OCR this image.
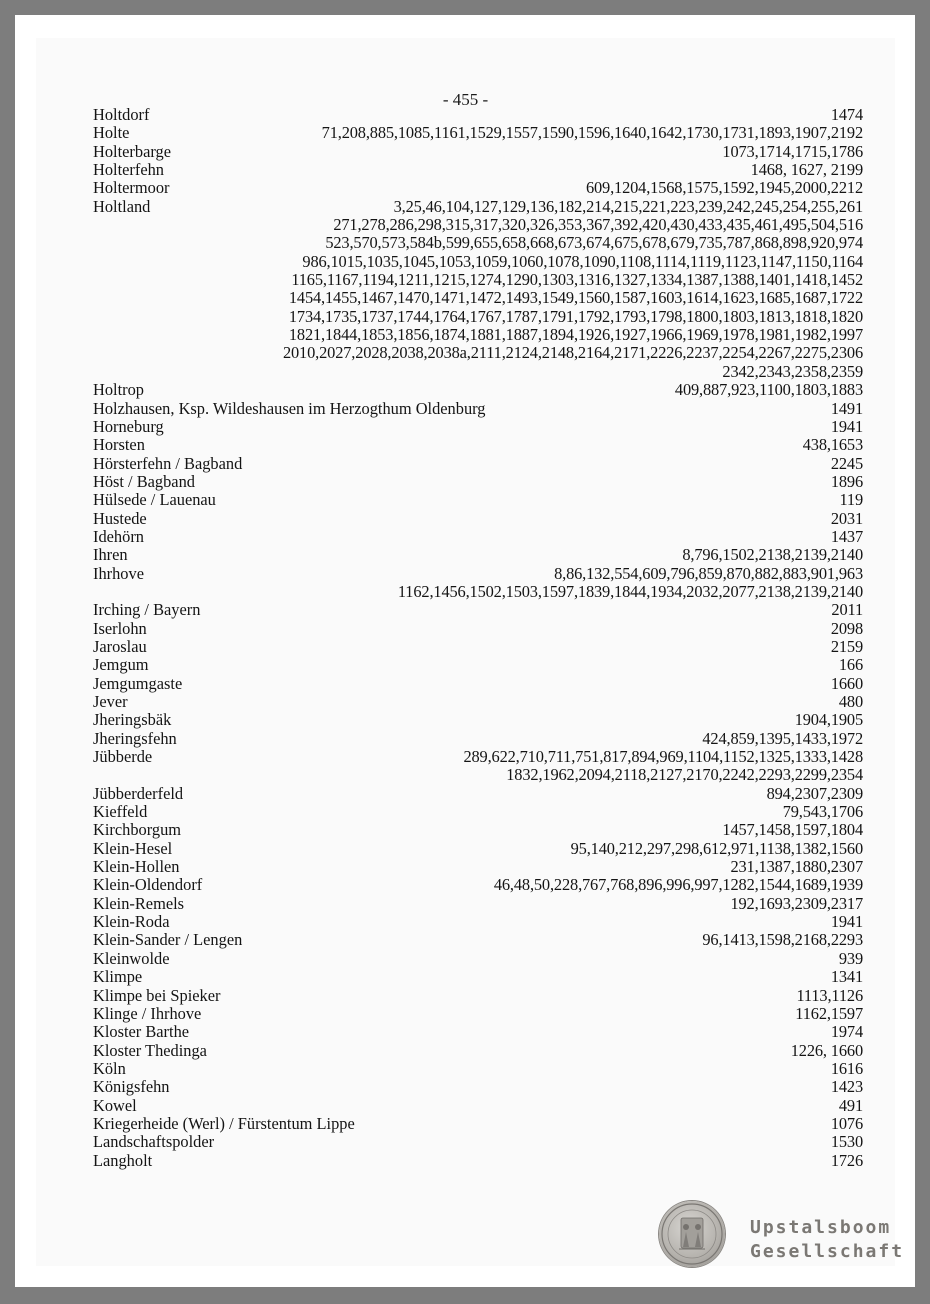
- 455 -
Holtdorf	1474
Holte	71,208,885,1085,1161,1529,1557,1590,1596,1640,1642,1730,1731,1893,1907,2192
Holterbarge	1073,1714,1715,1786
Holterfehn	1468, 1627, 2199
Holtermoor	609,1204,1568,1575,1592,1945,2000,2212
Holtland	3,25,46,104,127,129,136,182,214,215,221,223,239,242,245,254,255,261
271,278,286,298,315,317,320,326,353,367,392,420,430,433,435,461,495,504,516
523,570,573,584b,599,655,658,668,673,674,675,678,679,735,787,868,898,920,974
986,1015,1035,1045,1053,1059,1060,1078,1090,1108,1114,1119,1123,1147,1150,1164
1165,1167,1194,1211,1215,1274,1290,1303,1316,1327,1334,1387,1388,1401,1418,1452
1454,1455,1467,1470,1471,1472,1493,1549,1560,1587,1603,1614,1623,1685,1687,1722
1734,1735,1737,1744,1764,1767,1787,1791,1792,1793,1798,1800,1803,1813,1818,1820
1821,1844,1853,1856,1874,1881,1887,1894,1926,1927,1966,1969,1978,1981,1982,1997
2010,2027,2028,2038,2038a,2111,2124,2148,2164,2171,2226,2237,2254,2267,2275,2306
2342,2343,2358,2359
Holtrop	409,887,923,1100,1803,1883
Holzhausen, Ksp. Wildeshausen im Herzogthum Oldenburg	1491
Horneburg	1941
Horsten	438,1653
Hörsterfehn / Bagband	2245
Höst / Bagband	1896
Hülsede / Lauenau	119
Hustede	2031
Idehörn	1437
Ihren	8,796,1502,2138,2139,2140
Ihrhove	8,86,132,554,609,796,859,870,882,883,901,963
1162,1456,1502,1503,1597,1839,1844,1934,2032,2077,2138,2139,2140
Irching / Bayern	2011
Iserlohn	2098
Jaroslau	2159
Jemgum	166
Jemgumgaste	1660
Jever	480
Jheringsbäk	1904,1905
Jheringsfehn	424,859,1395,1433,1972
Jübberde	289,622,710,711,751,817,894,969,1104,1152,1325,1333,1428
1832,1962,2094,2118,2127,2170,2242,2293,2299,2354
Jübberderfeld	894,2307,2309
Kieffeld	79,543,1706
Kirchborgum	1457,1458,1597,1804
Klein-Hesel	95,140,212,297,298,612,971,1138,1382,1560
Klein-Hollen	231,1387,1880,2307
Klein-Oldendorf	46,48,50,228,767,768,896,996,997,1282,1544,1689,1939
Klein-Remels	192,1693,2309,2317
Klein-Roda	1941
Klein-Sander / Lengen	96,1413,1598,2168,2293
Kleinwolde	939
Klimpe	1341
Klimpe bei Spieker	1113,1126
Klinge / Ihrhove	1162,1597
Kloster Barthe	1974
Kloster Thedinga	1226, 1660
Köln	1616
Königsfehn	1423
Kowel	491
Kriegerheide (Werl) / Fürstentum Lippe	1076
Landschaftspolder	1530
Langholt	1726
Upstalsboom
Gesellschaft
